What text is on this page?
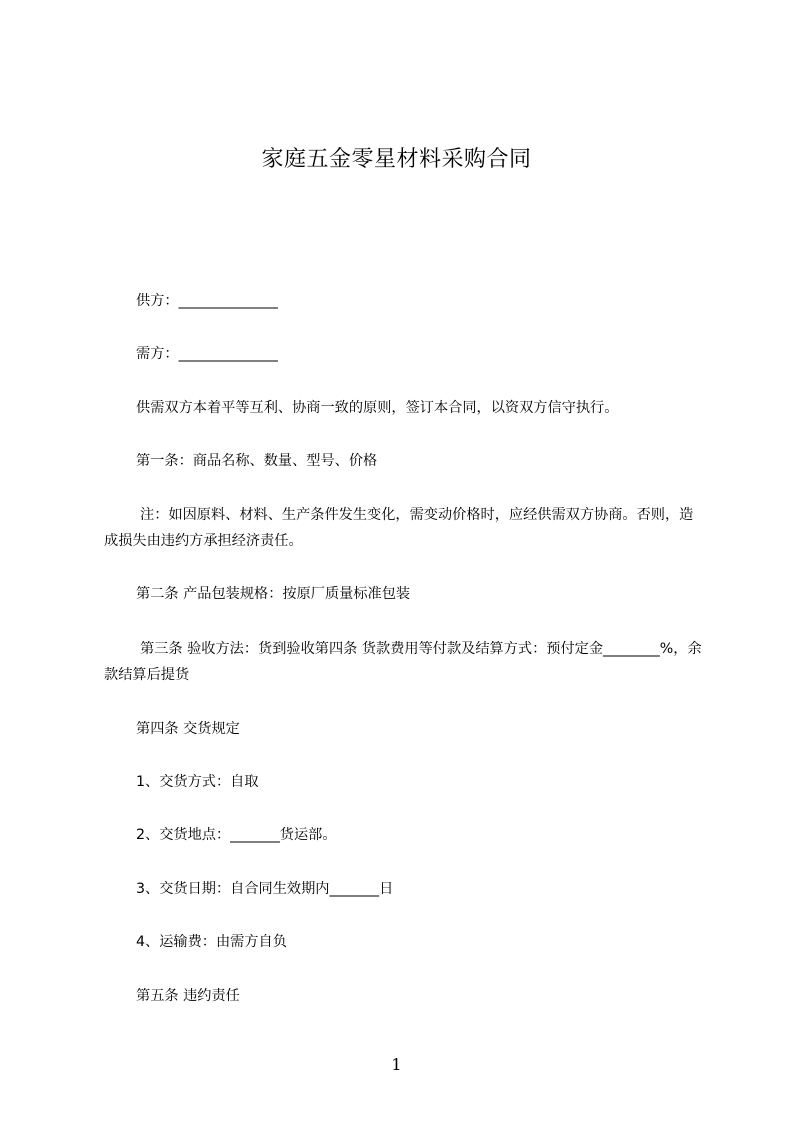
家庭五金零星材料采购合同
供方：______________
需方：______________
供需双方本着平等互利、协商一致的原则，签订本合同，以资双方信守执行。
第一条：商品名称、数量、型号、价格
注：如因原料、材料、生产条件发生变化，需变动价格时，应经供需双方协商。否则，造成损失由违约方承担经济责任。
第二条 产品包装规格：按原厂质量标准包装
第三条 验收方法：货到验收第四条 货款费用等付款及结算方式：预付定金________%，余款结算后提货
第四条 交货规定
1、交货方式：自取
2、交货地点：_______货运部。
3、交货日期：自合同生效期内_______日
4、运输费：由需方自负
第五条 违约责任
1
